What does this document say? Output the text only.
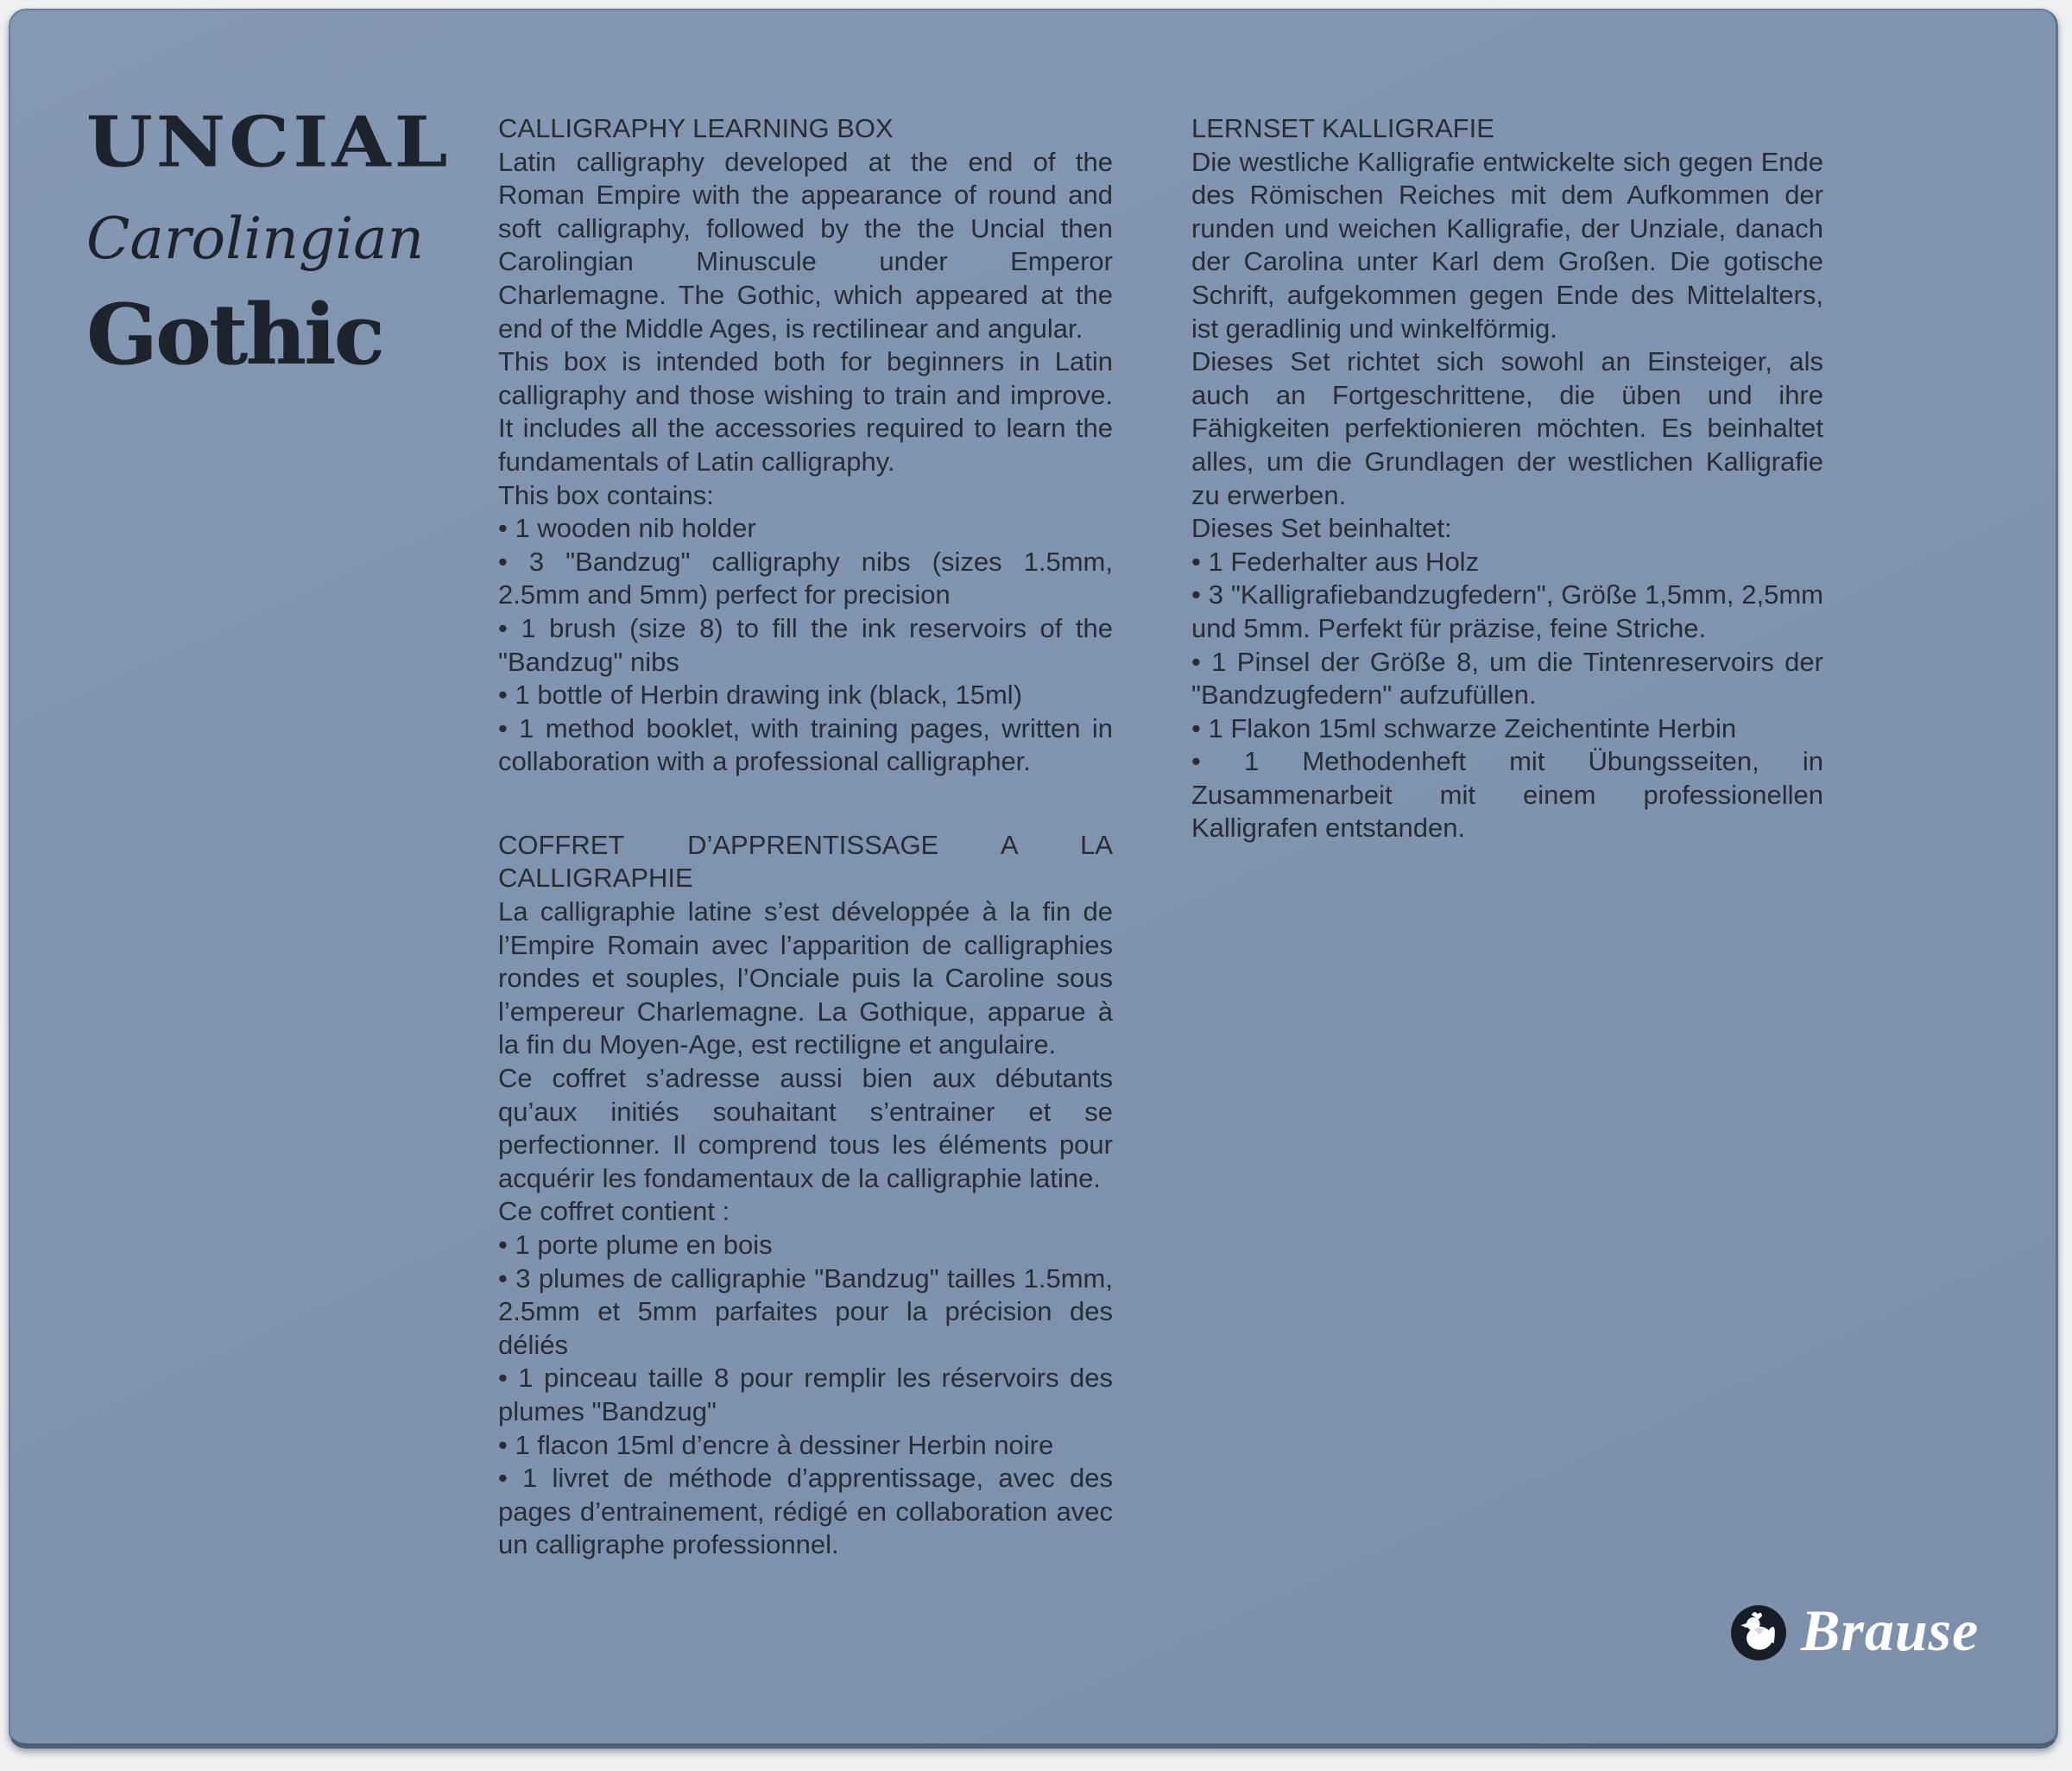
UNCIAL
Carolingian
Gothic
CALLIGRAPHY LEARNING BOX

Latin calligraphy developed at the end of the Roman Empire with the appearance of round and soft calligraphy, followed by the the Uncial then Carolingian Minuscule under Emperor Charlemagne. The Gothic, which appeared at the end of the Middle Ages, is rectilinear and angular.

This box is intended both for beginners in Latin calligraphy and those wishing to train and improve. It includes all the accessories required to learn the fundamentals of Latin calligraphy.

This box contains:
• 1 wooden nib holder
• 3 "Bandzug" calligraphy nibs (sizes 1.5mm, 2.5mm and 5mm) perfect for precision
• 1 brush (size 8) to fill the ink reservoirs of the "Bandzug" nibs
• 1 bottle of Herbin drawing ink (black, 15ml)
• 1 method booklet, with training pages, written in collaboration with a professional calligrapher.
COFFRET D’APPRENTISSAGE A LA CALLIGRAPHIE

La calligraphie latine s’est développée à la fin de l’Empire Romain avec l’apparition de calligraphies rondes et souples, l’Onciale puis la Caroline sous l’empereur Charlemagne. La Gothique, apparue à la fin du Moyen-Age, est rectiligne et angulaire.

Ce coffret s’adresse aussi bien aux débutants qu’aux initiés souhaitant s’entrainer et se perfectionner. Il comprend tous les éléments pour acquérir les fondamentaux de la calligraphie latine.

Ce coffret contient :
• 1 porte plume en bois
• 3 plumes de calligraphie "Bandzug" tailles 1.5mm, 2.5mm et 5mm parfaites pour la précision des déliés
• 1 pinceau taille 8 pour remplir les réservoirs des plumes "Bandzug"
• 1 flacon 15ml d’encre à dessiner Herbin noire
• 1 livret de méthode d’apprentissage, avec des pages d’entrainement, rédigé en collaboration avec un calligraphe professionnel.
LERNSET KALLIGRAFIE

Die westliche Kalligrafie entwickelte sich gegen Ende des Römischen Reiches mit dem Aufkommen der runden und weichen Kalligrafie, der Unziale, danach der Carolina unter Karl dem Großen. Die gotische Schrift, aufgekommen gegen Ende des Mittelalters, ist geradlinig und winkelförmig.

Dieses Set richtet sich sowohl an Einsteiger, als auch an Fortgeschrittene, die üben und ihre Fähigkeiten perfektionieren möchten. Es beinhaltet alles, um die Grundlagen der westlichen Kalligrafie zu erwerben.

Dieses Set beinhaltet:
• 1 Federhalter aus Holz
• 3 "Kalligrafiebandzugfedern", Größe 1,5mm, 2,5mm und 5mm. Perfekt für präzise, feine Striche.
• 1 Pinsel der Größe 8, um die Tintenreservoirs der "Bandzugfedern" aufzufüllen.
• 1 Flakon 15ml schwarze Zeichentinte Herbin
• 1 Methodenheft mit Übungsseiten, in Zusammenarbeit mit einem professionellen Kalligrafen entstanden.
Brause
